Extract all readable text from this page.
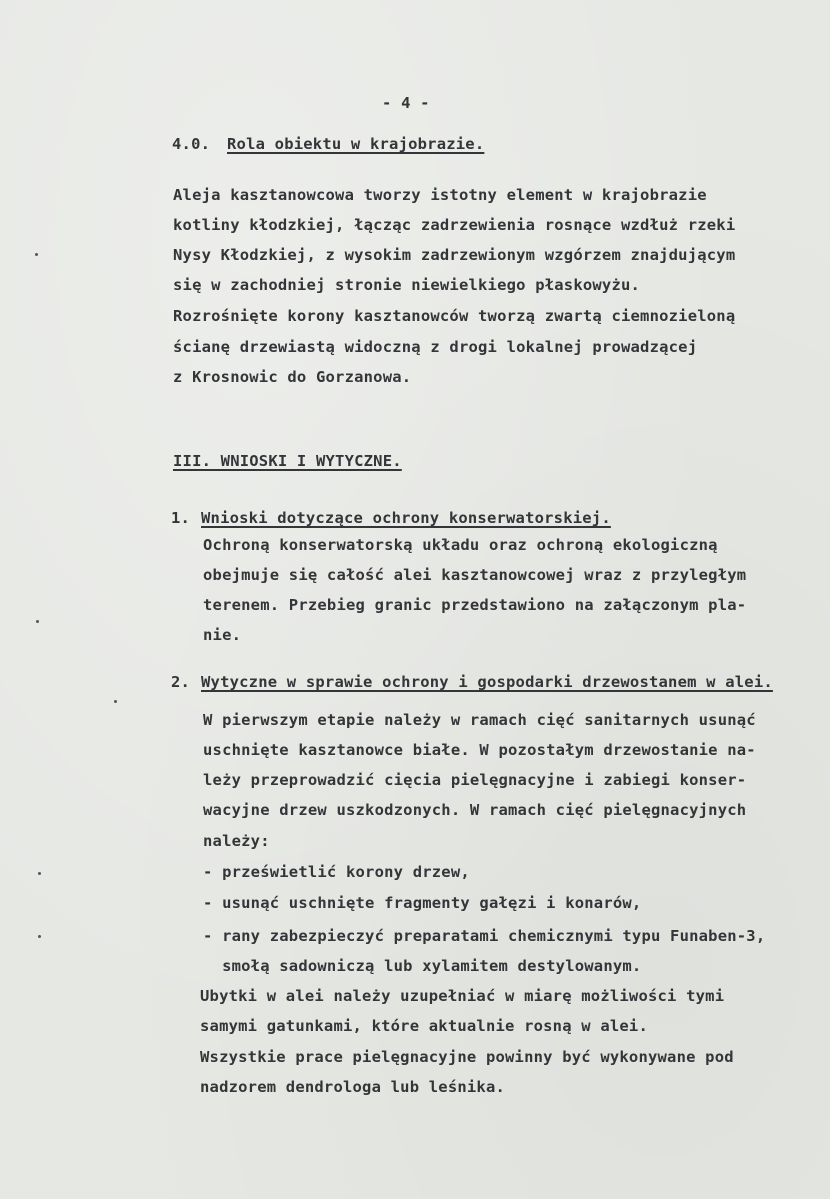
- 4 -
4.0. Rola obiektu w krajobrazie.
Aleja kasztanowcowa tworzy istotny element w krajobrazie
kotliny kłodzkiej, łącząc zadrzewienia rosnące wzdłuż rzeki
Nysy Kłodzkiej, z wysokim zadrzewionym wzgórzem znajdującym
się w zachodniej stronie niewielkiego płaskowyżu.
Rozrośnięte korony kasztanowców tworzą zwartą ciemnozieloną
ścianę drzewiastą widoczną z drogi lokalnej prowadzącej
z Krosnowic do Gorzanowa.
III. WNIOSKI I WYTYCZNE.
1. Wnioski dotyczące ochrony konserwatorskiej.
Ochroną konserwatorską układu oraz ochroną ekologiczną
obejmuje się całość alei kasztanowcowej wraz z przyległym
terenem. Przebieg granic przedstawiono na załączonym pla-
nie.
2. Wytyczne w sprawie ochrony i gospodarki drzewostanem w alei.
W pierwszym etapie należy w ramach cięć sanitarnych usunąć
uschnięte kasztanowce białe. W pozostałym drzewostanie na-
leży przeprowadzić cięcia pielęgnacyjne i zabiegi konser-
wacyjne drzew uszkodzonych. W ramach cięć pielęgnacyjnych
należy:
- prześwietlić korony drzew,
- usunąć uschnięte fragmenty gałęzi i konarów,
- rany zabezpieczyć preparatami chemicznymi typu Funaben-3,
smołą sadowniczą lub xylamitem destylowanym.
Ubytki w alei należy uzupełniać w miarę możliwości tymi
samymi gatunkami, które aktualnie rosną w alei.
Wszystkie prace pielęgnacyjne powinny być wykonywane pod
nadzorem dendrologa lub leśnika.
